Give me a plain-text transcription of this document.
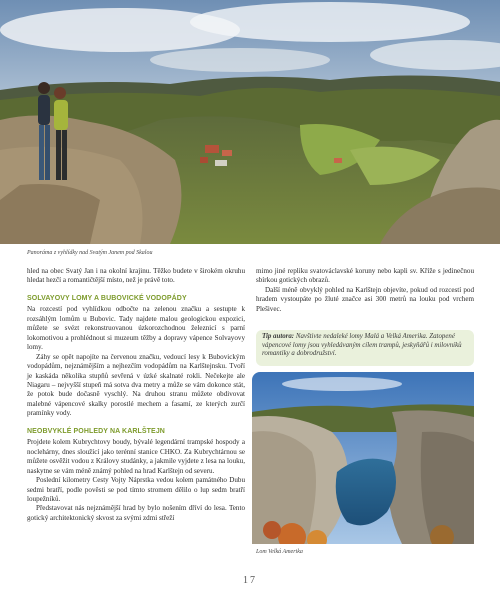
Panoráma z vyhlídky nad Svatým Janem pod Skalou

hled na obec Svatý Jan i na okolní krajinu. Těžko budete v širokém okruhu hledat hezčí a romantičtější místo, než je právě toto.

SOLVAYOVY LOMY A BUBOVICKÉ VODOPÁDY

Na rozcestí pod vyhlídkou odbočte na zelenou značku a sestupte k rozsáhlým lomům u Bubovic. Tady najdete malou geologickou expozici, můžete se svézt rekonstruovanou úzkorozchodnou železnicí s parní lokomotivou a prohlédnout si muzeum těžby a dopravy vápence Solvayovy lomy.

Záhy se opět napojíte na červenou značku, vedoucí lesy k Bubovickým vodopádům, nejznámějším a nejhezčím vodopádům na Karlštejnsku. Tvoří je kaskáda několika stupňů sevřená v úzké skalnaté rokli. Nečekejte ale Niagaru – nejvyšší stupeň má sotva dva metry a může se vám dokonce stát, že potok bude dočasně vyschlý. Na druhou stranu můžete obdivovat malebné vápencové skalky porostlé mechem a fasamí, ze kterých zurčí pramínky vody.

NEOBVYKLÉ POHLEDY NA KARLŠTEJN

Projdete kolem Kubrychtovy boudy, bývalé legendární trampské hospody a noclehárny, dnes sloužící jako terénní stanice CHKO. Za Kubrychtárnou se můžete osvěžit vodou z Královy studánky, a jakmile vyjdete z lesa na louku, naskytne se vám méně známý pohled na hrad Karlštejn od severu.

Poslední kilometry Cesty Vojty Náprstka vedou kolem památného Dubu sedmi bratří, podle pověsti se pod tímto stromem dělilo o lup sedm bratří loupežníků.

Představovat nás nejznámější hrad by bylo nošením dříví do lesa. Tento gotický architektonický skvost za svými zdmi střeží

mimo jiné repliku svatováclavské koruny nebo kapli sv. Kříže s jedinečnou sbírkou gotických obrazů.

Další méně obvyklý pohled na Karlštejn objevíte, pokud od rozcestí pod hradem vystoupáte po žluté značce asi 300 metrů na louku pod vrchem Plešivec.

Tip autora: Navštivte nedaleké lomy Malá a Velká Amerika. Zatopené vápencové lomy jsou vyhledávaným cílem trampů, jeskyňářů i milovníků romantiky a dobrodružství.
Lom Velká Amerika
17
